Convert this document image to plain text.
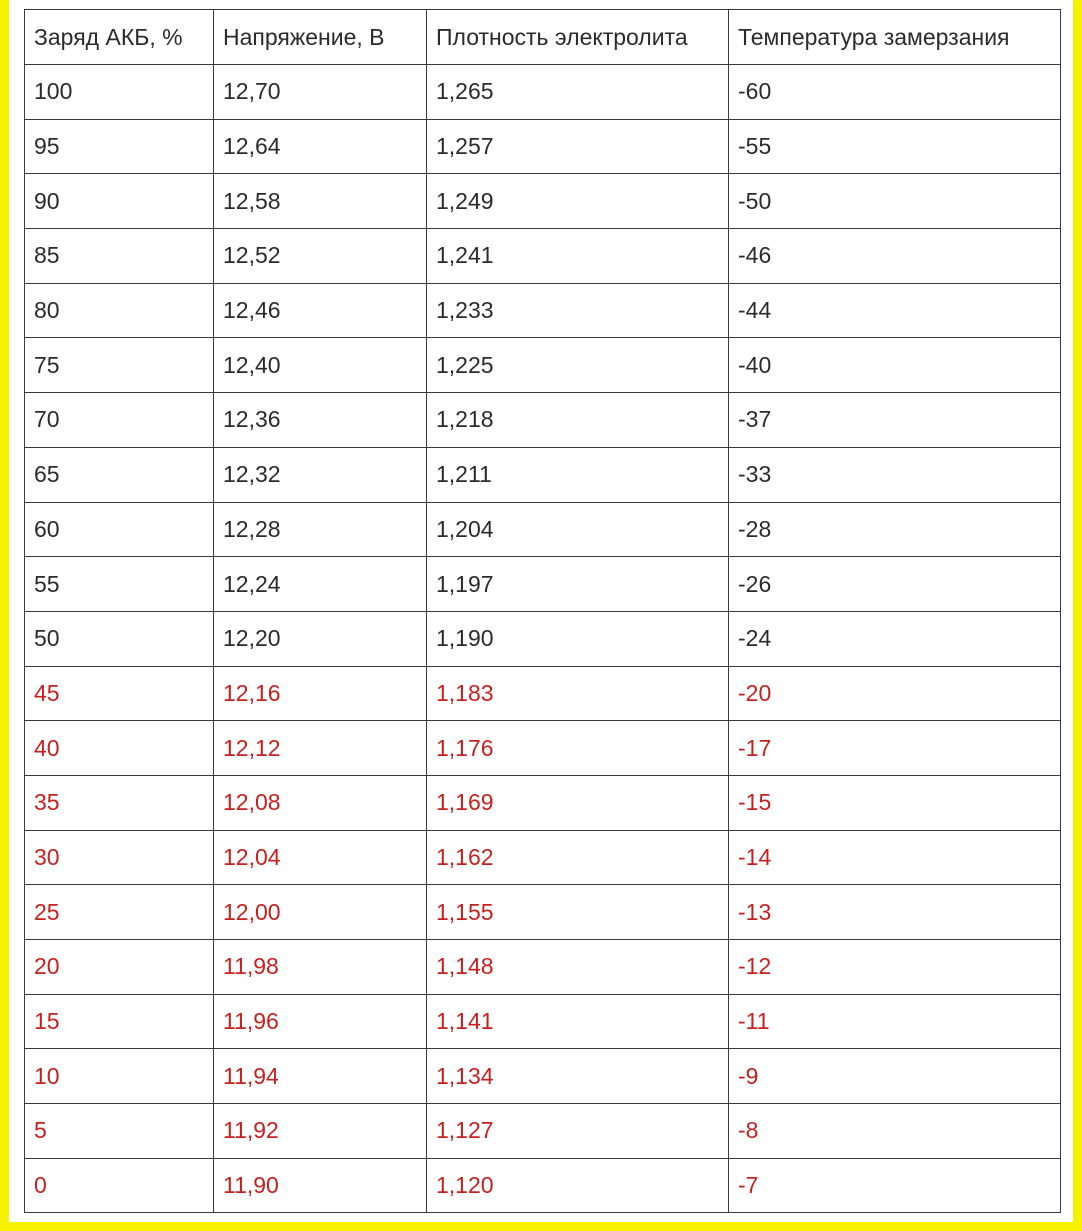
Заряд АКБ, %	Напряжение, В	Плотность электролита	Температура замерзания
100	12,70	1,265	-60
95	12,64	1,257	-55
90	12,58	1,249	-50
85	12,52	1,241	-46
80	12,46	1,233	-44
75	12,40	1,225	-40
70	12,36	1,218	-37
65	12,32	1,211	-33
60	12,28	1,204	-28
55	12,24	1,197	-26
50	12,20	1,190	-24
45	12,16	1,183	-20
40	12,12	1,176	-17
35	12,08	1,169	-15
30	12,04	1,162	-14
25	12,00	1,155	-13
20	11,98	1,148	-12
15	11,96	1,141	-11
10	11,94	1,134	-9
5	11,92	1,127	-8
0	11,90	1,120	-7
